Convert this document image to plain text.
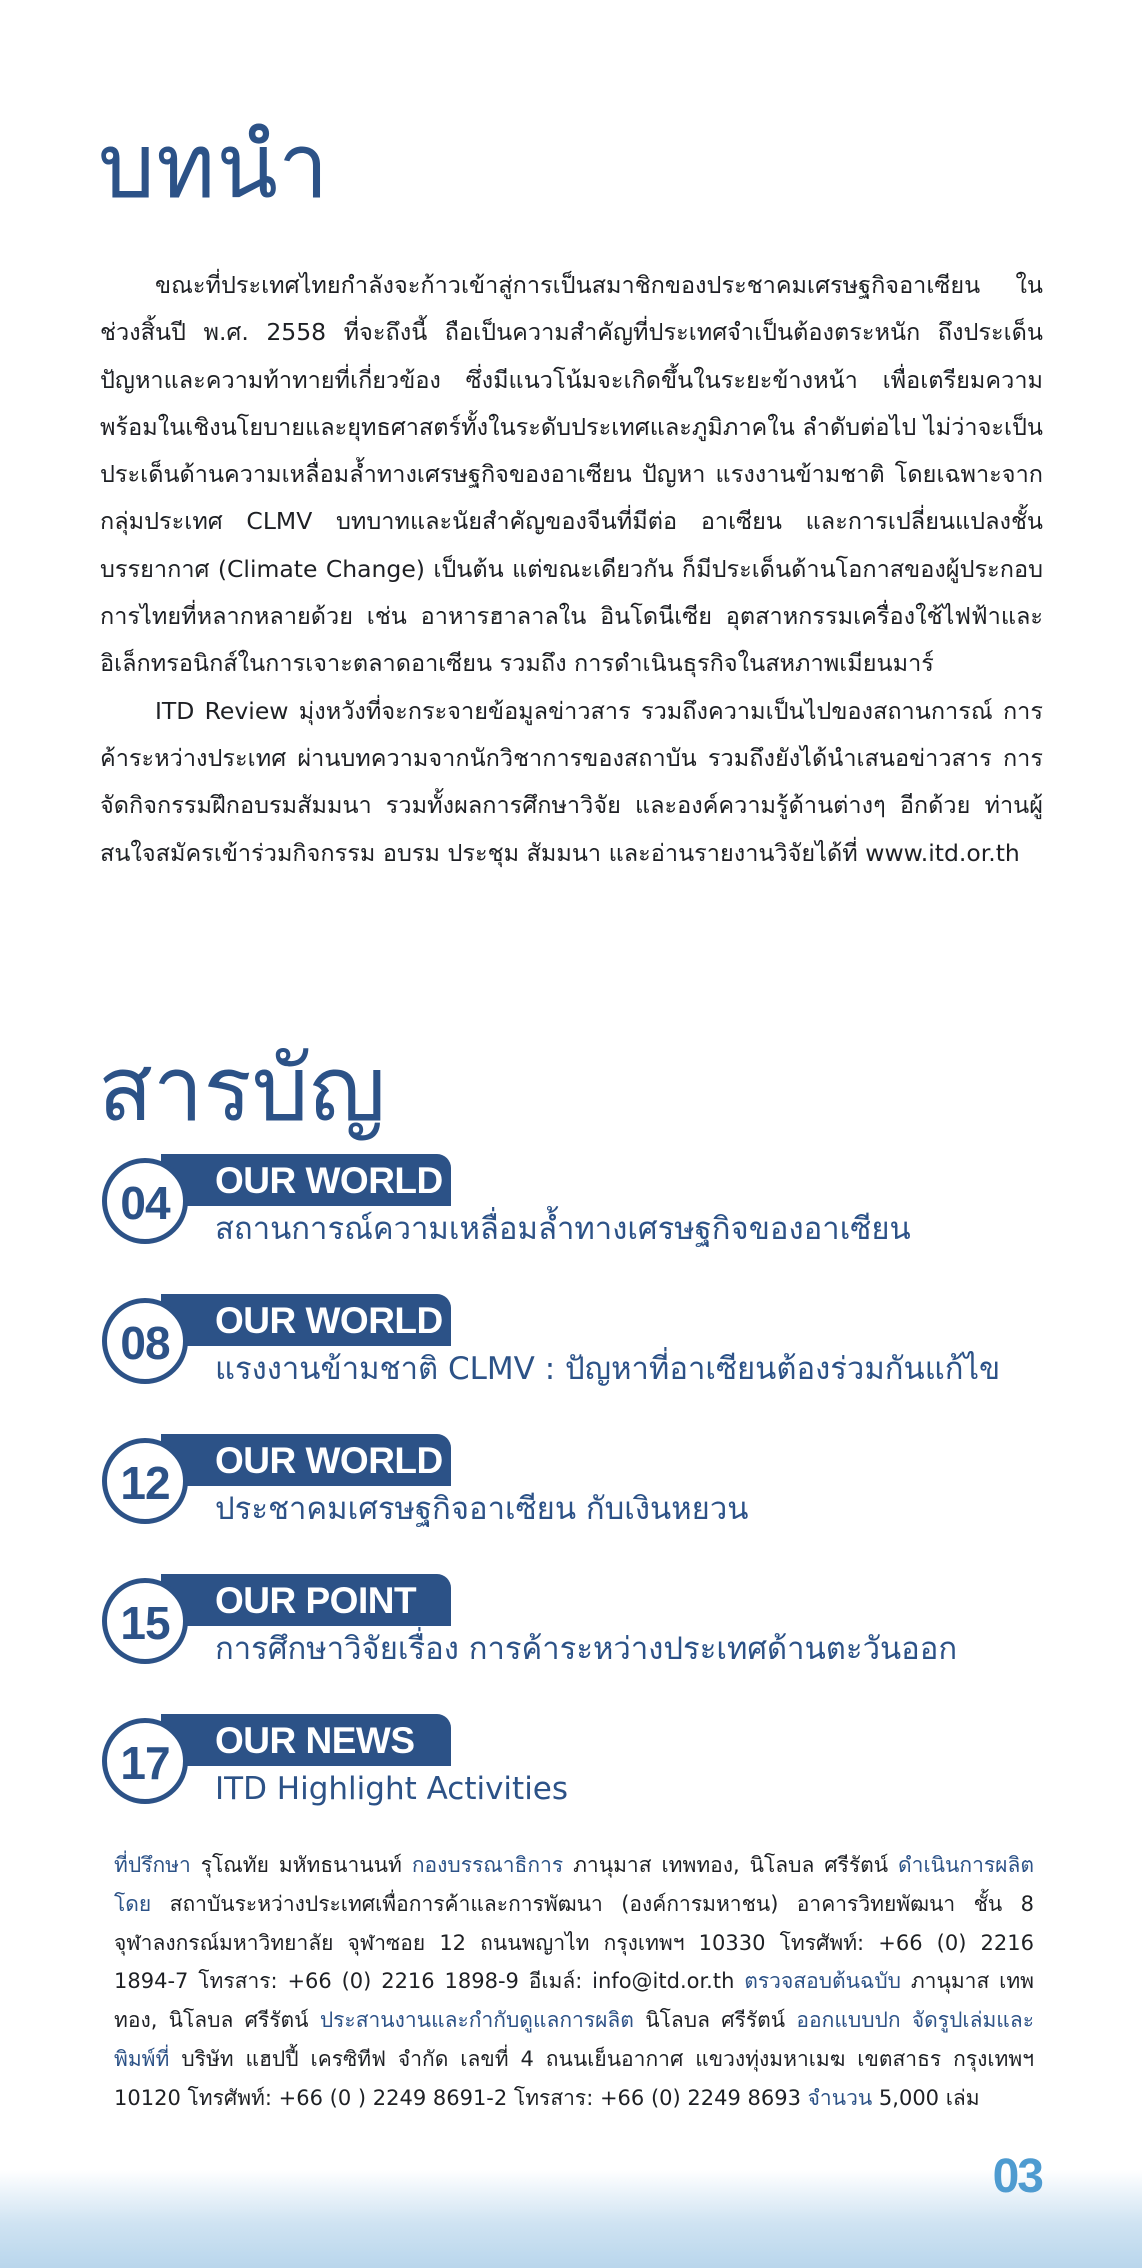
บทนำ

ขณะที่ประเทศไทยกำลังจะก้าวเข้าสู่การเป็นสมาชิกของประชาคมเศรษฐกิจอาเซียน ในช่วงสิ้นปี พ.ศ. 2558 ที่จะถึงนี้ ถือเป็นความสำคัญที่ประเทศจำเป็นต้องตระหนัก ถึงประเด็นปัญหาและความท้าทายที่เกี่ยวข้อง ซึ่งมีแนวโน้มจะเกิดขึ้นในระยะข้างหน้า เพื่อเตรียมความพร้อมในเชิงนโยบายและยุทธศาสตร์ทั้งในระดับประเทศและภูมิภาคใน ลำดับต่อไป ไม่ว่าจะเป็นประเด็นด้านความเหลื่อมล้ำทางเศรษฐกิจของอาเซียน ปัญหา แรงงานข้ามชาติ โดยเฉพาะจากกลุ่มประเทศ CLMV บทบาทและนัยสำคัญของจีนที่มีต่อ อาเซียน และการเปลี่ยนแปลงชั้นบรรยากาศ (Climate Change) เป็นต้น แต่ขณะเดียวกัน ก็มีประเด็นด้านโอกาสของผู้ประกอบการไทยที่หลากหลายด้วย เช่น อาหารฮาลาลใน อินโดนีเซีย อุตสาหกรรมเครื่องใช้ไฟฟ้าและอิเล็กทรอนิกส์ในการเจาะตลาดอาเซียน รวมถึง การดำเนินธุรกิจในสหภาพเมียนมาร์

ITD Review มุ่งหวังที่จะกระจายข้อมูลข่าวสาร รวมถึงความเป็นไปของสถานการณ์ การค้าระหว่างประเทศ ผ่านบทความจากนักวิชาการของสถาบัน รวมถึงยังได้นำเสนอข่าวสาร การจัดกิจกรรมฝึกอบรมสัมมนา รวมทั้งผลการศึกษาวิจัย และองค์ความรู้ด้านต่างๆ อีกด้วย ท่านผู้สนใจสมัครเข้าร่วมกิจกรรม อบรม ประชุม สัมมนา และอ่านรายงานวิจัยได้ที่ www.itd.or.th

สารบัญ
OUR WORLD
04	สถานการณ์ความเหลื่อมล้ำทางเศรษฐกิจของอาเซียน
OUR WORLD
08	แรงงานข้ามชาติ CLMV : ปัญหาที่อาเซียนต้องร่วมกันแก้ไข
OUR WORLD
12	ประชาคมเศรษฐกิจอาเซียน กับเงินหยวน
OUR POINT
15	การศึกษาวิจัยเรื่อง การค้าระหว่างประเทศด้านตะวันออก
OUR NEWS
17	ITD Highlight Activities
ที่ปรึกษา รุโณทัย มหัทธนานนท์ กองบรรณาธิการ ภานุมาส เทพทอง, นิโลบล ศรีรัตน์ ดำเนินการผลิตโดย สถาบันระหว่างประเทศเพื่อการค้าและการพัฒนา (องค์การมหาชน) อาคารวิทยพัฒนา ชั้น 8 จุฬาลงกรณ์มหาวิทยาลัย จุฬาซอย 12 ถนนพญาไท กรุงเทพฯ 10330 โทรศัพท์: +66 (0) 2216 1894-7 โทรสาร: +66 (0) 2216 1898-9 อีเมล์: info@itd.or.th ตรวจสอบต้นฉบับ ภานุมาส เทพทอง, นิโลบล ศรีรัตน์ ประสานงานและกำกับดูแลการผลิต นิโลบล ศรีรัตน์ ออกแบบปก จัดรูปเล่มและพิมพ์ที่ บริษัท แฮปปี้ เครซิทีฟ จำกัด เลขที่ 4 ถนนเย็นอากาศ แขวงทุ่งมหาเมฆ เขตสาธร กรุงเทพฯ 10120 โทรศัพท์: +66 (0 ) 2249 8691-2 โทรสาร: +66 (0) 2249 8693 จำนวน 5,000 เล่ม
03
